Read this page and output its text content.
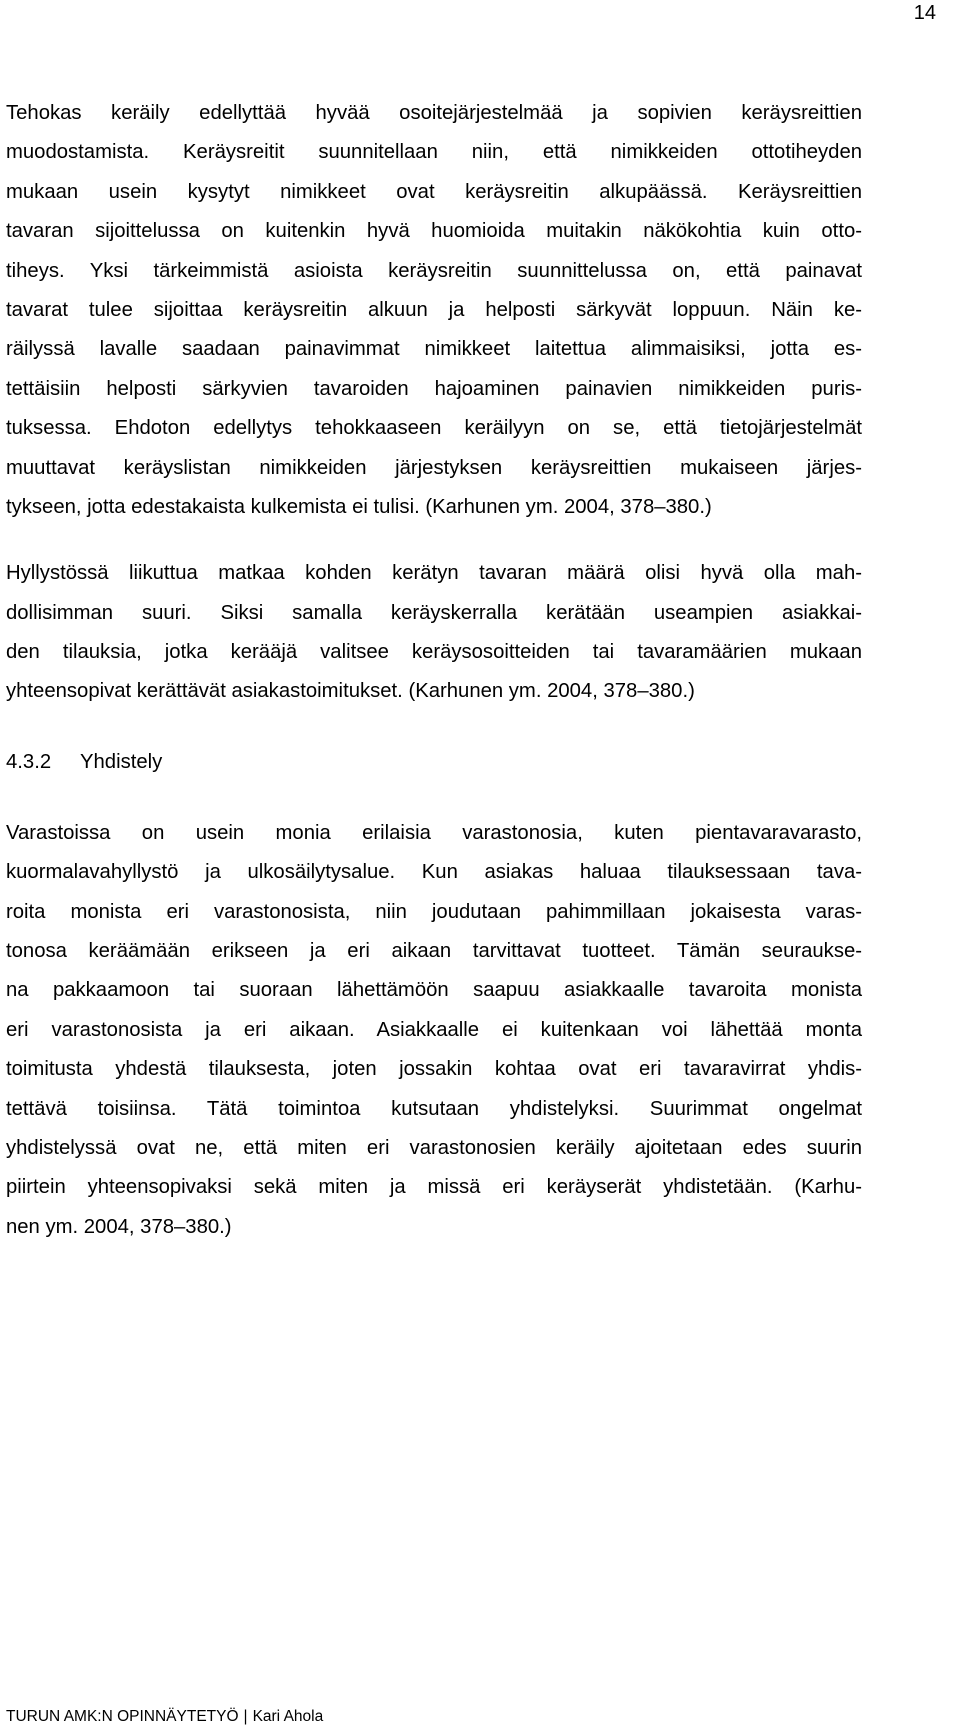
14
Tehokas keräily edellyttää hyvää osoitejärjestelmää ja sopivien keräysreittien
muodostamista. Keräysreitit suunnitellaan niin, että nimikkeiden ottotiheyden
mukaan usein kysytyt nimikkeet ovat keräysreitin alkupäässä. Keräysreittien
tavaran sijoittelussa on kuitenkin hyvä huomioida muitakin näkökohtia kuin otto-
tiheys. Yksi tärkeimmistä asioista keräysreitin suunnittelussa on, että painavat
tavarat tulee sijoittaa keräysreitin alkuun ja helposti särkyvät loppuun. Näin ke-
räilyssä lavalle saadaan painavimmat nimikkeet laitettua alimmaisiksi, jotta es-
tettäisiin helposti särkyvien tavaroiden hajoaminen painavien nimikkeiden puris-
tuksessa. Ehdoton edellytys tehokkaaseen keräilyyn on se, että tietojärjestelmät
muuttavat keräyslistan nimikkeiden järjestyksen keräysreittien mukaiseen järjes-
tykseen, jotta edestakaista kulkemista ei tulisi. (Karhunen ym. 2004, 378–380.)
Hyllystössä liikuttua matkaa kohden kerätyn tavaran määrä olisi hyvä olla mah-
dollisimman suuri. Siksi samalla keräyskerralla kerätään useampien asiakkai-
den tilauksia, jotka kerääjä valitsee keräysosoitteiden tai tavaramäärien mukaan
yhteensopivat kerättävät asiakastoimitukset. (Karhunen ym. 2004, 378–380.)
4.3.2 Yhdistely
Varastoissa on usein monia erilaisia varastonosia, kuten pientavaravarasto,
kuormalavahyllystö ja ulkosäilytysalue. Kun asiakas haluaa tilauksessaan tava-
roita monista eri varastonosista, niin joudutaan pahimmillaan jokaisesta varas-
tonosa keräämään erikseen ja eri aikaan tarvittavat tuotteet. Tämän seurauksе-
na pakkaamoon tai suoraan lähettämöön saapuu asiakkaalle tavaroita monista
eri varastonosista ja eri aikaan. Asiakkaalle ei kuitenkaan voi lähettää monta
toimitusta yhdestä tilauksesta, joten jossakin kohtaa ovat eri tavaravirrat yhdis-
tettävä toisiinsa. Tätä toimintoa kutsutaan yhdistelyksi. Suurimmat ongelmat
yhdistelyssä ovat ne, että miten eri varastonosien keräily ajoitetaan edes suurin
piirtein yhteensopivaksi sekä miten ja missä eri keräyserät yhdistetään. (Karhu-
nen ym. 2004, 378–380.)
TURUN AMK:N OPINNÄYTETYÖ | Kari Ahola
